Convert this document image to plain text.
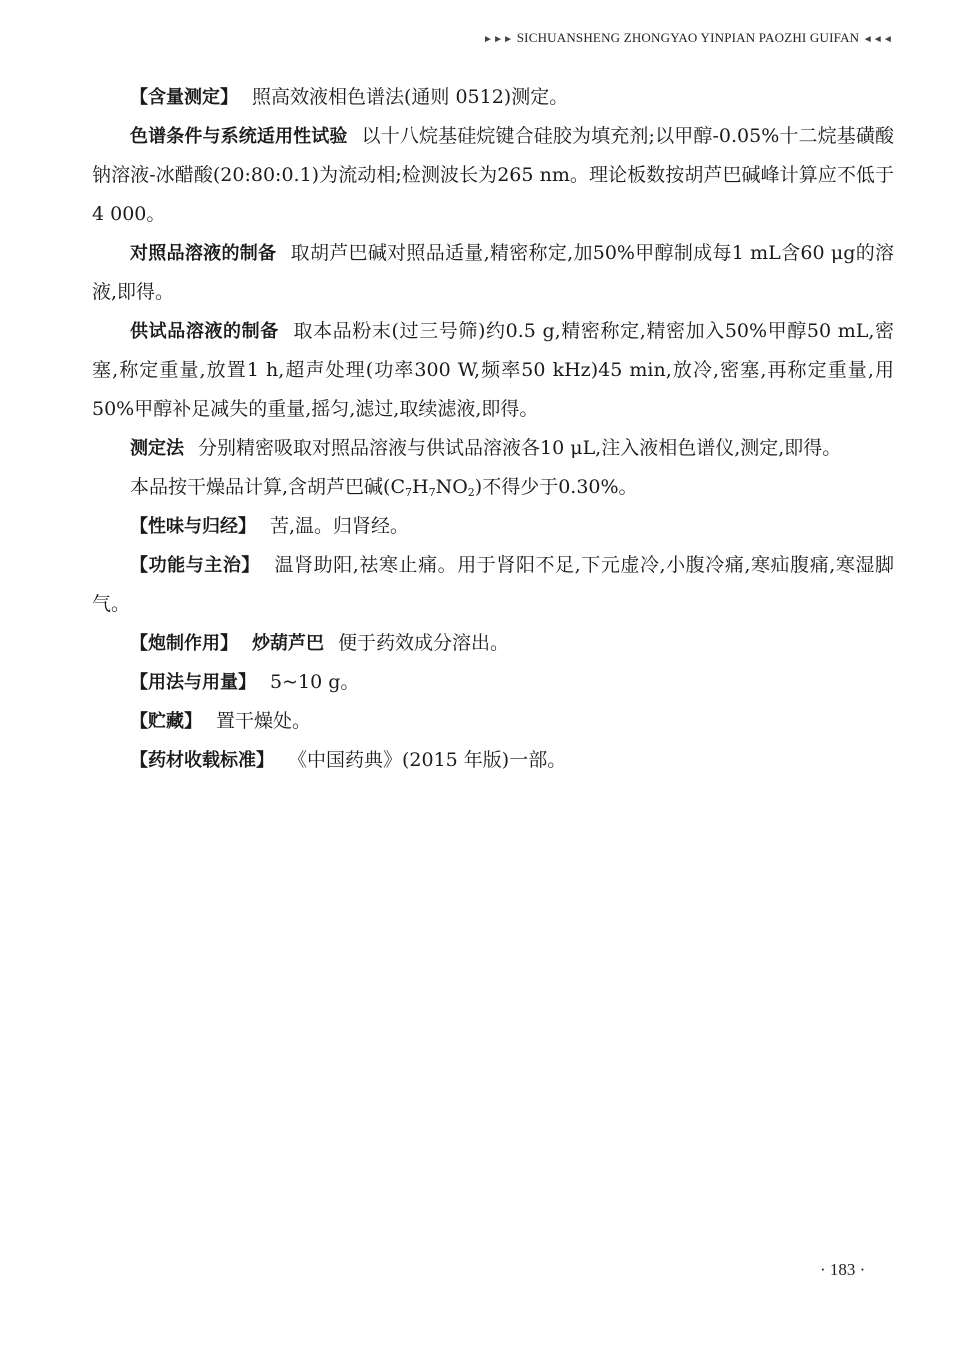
►►► SICHUANSHENG ZHONGYAO YINPIAN PAOZHI GUIFAN ◄◄◄

【含量测定】 照高效液相色谱法(通则 0512)测定。

色谱条件与系统适用性试验 以十八烷基硅烷键合硅胶为填充剂;以甲醇-0.05%十二烷基磺酸钠溶液-冰醋酸(20:80:0.1)为流动相;检测波长为265 nm。理论板数按胡芦巴碱峰计算应不低于4 000。

对照品溶液的制备 取胡芦巴碱对照品适量,精密称定,加50%甲醇制成每1 mL含60 μg的溶液,即得。

供试品溶液的制备 取本品粉末(过三号筛)约0.5 g,精密称定,精密加入50%甲醇50 mL,密塞,称定重量,放置1 h,超声处理(功率300 W,频率50 kHz)45 min,放冷,密塞,再称定重量,用50%甲醇补足减失的重量,摇匀,滤过,取续滤液,即得。

测定法 分别精密吸取对照品溶液与供试品溶液各10 μL,注入液相色谱仪,测定,即得。

本品按干燥品计算,含胡芦巴碱$(C_7H_7NO_2)$不得少于0.30%。

【性味与归经】 苦,温。归肾经。

【功能与主治】 温肾助阳,祛寒止痛。用于肾阳不足,下元虚冷,小腹冷痛,寒疝腹痛,寒湿脚气。

【炮制作用】 炒葫芦巴 便于药效成分溶出。

【用法与用量】 5~10 g。

【贮藏】 置干燥处。

【药材收载标准】 《中国药典》(2015 年版)一部。

· 183 ·
